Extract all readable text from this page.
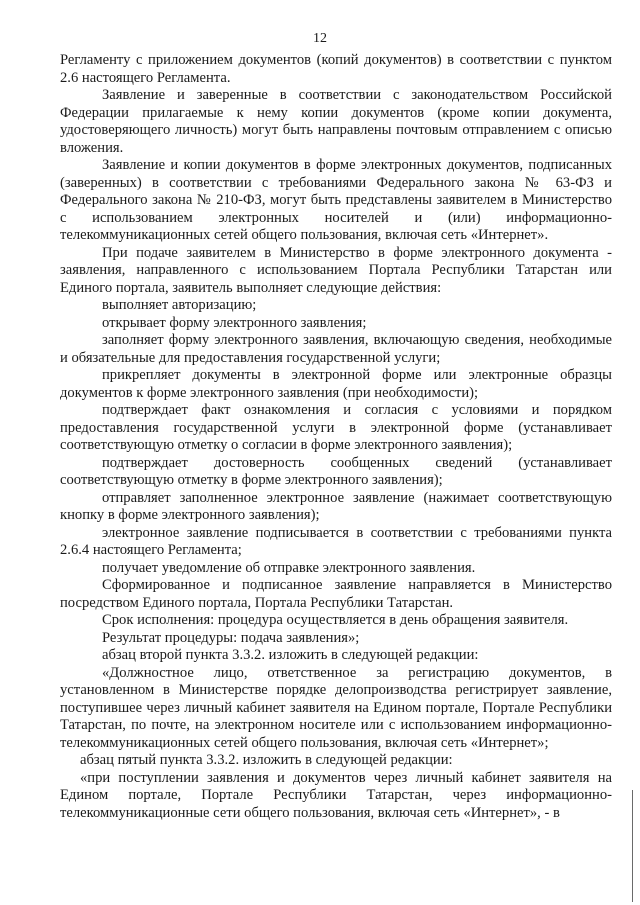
12

Регламенту с приложением документов (копий документов) в соответствии с пунктом 2.6 настоящего Регламента.

Заявление и заверенные в соответствии с законодательством Российской Федерации прилагаемые к нему копии документов (кроме копии документа, удостоверяющего личность) могут быть направлены почтовым отправлением с описью вложения.

Заявление и копии документов в форме электронных документов, подписанных (заверенных) в соответствии с требованиями Федерального закона № 63-ФЗ и Федерального закона № 210-ФЗ, могут быть представлены заявителем в Министерство с использованием электронных носителей и (или) информационно-телекоммуникационных сетей общего пользования, включая сеть «Интернет».

При подаче заявителем в Министерство в форме электронного документа - заявления, направленного с использованием Портала Республики Татарстан или Единого портала, заявитель выполняет следующие действия:

выполняет авторизацию;

открывает форму электронного заявления;

заполняет форму электронного заявления, включающую сведения, необходимые и обязательные для предоставления государственной услуги;

прикрепляет документы в электронной форме или электронные образцы документов к форме электронного заявления (при необходимости);

подтверждает факт ознакомления и согласия с условиями и порядком предоставления государственной услуги в электронной форме (устанавливает соответствующую отметку о согласии в форме электронного заявления);

подтверждает достоверность сообщенных сведений (устанавливает соответствующую отметку в форме электронного заявления);

отправляет заполненное электронное заявление (нажимает соответствующую кнопку в форме электронного заявления);

электронное заявление подписывается в соответствии с требованиями пункта 2.6.4 настоящего Регламента;

получает уведомление об отправке электронного заявления.

Сформированное и подписанное заявление направляется в Министерство посредством Единого портала, Портала Республики Татарстан.

Срок исполнения: процедура осуществляется в день обращения заявителя.

Результат процедуры: подача заявления»;

абзац второй пункта 3.3.2. изложить в следующей редакции:

«Должностное лицо, ответственное за регистрацию документов, в установленном в Министерстве порядке делопроизводства регистрирует заявление, поступившее через личный кабинет заявителя на Едином портале, Портале Республики Татарстан, по почте, на электронном носителе или с использованием информационно-телекоммуникационных сетей общего пользования, включая сеть «Интернет»;

абзац пятый пункта 3.3.2. изложить в следующей редакции:

«при поступлении заявления и документов через личный кабинет заявителя на Едином портале, Портале Республики Татарстан, через информационно-телекоммуникационные сети общего пользования, включая сеть «Интернет», - в
